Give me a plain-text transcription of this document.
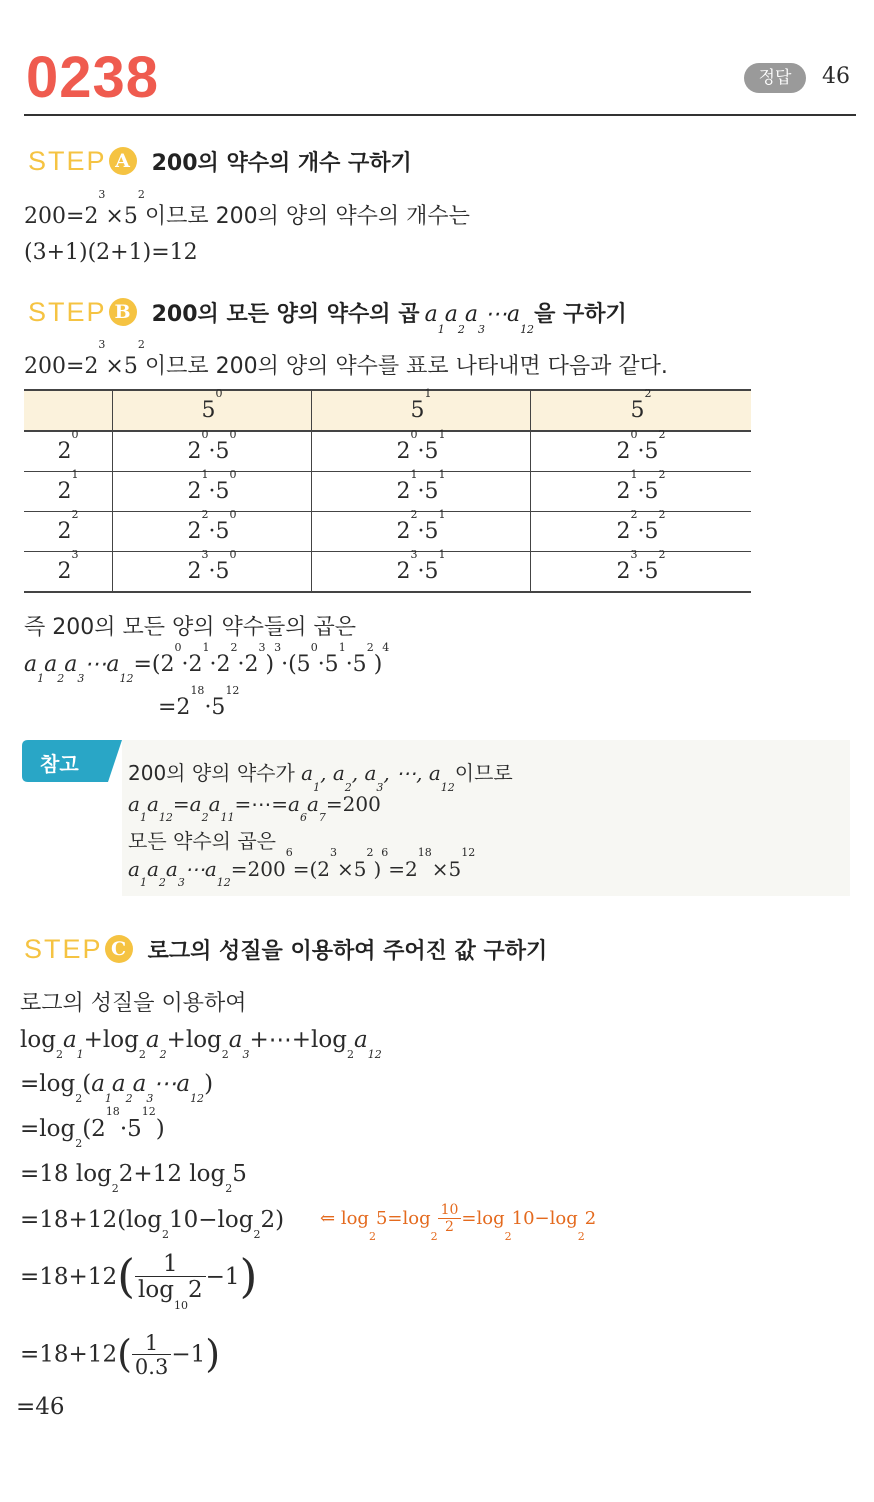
0238	정답	46
STEP A 200의 약수의 개수 구하기
$200=2^3\times 5^2$이므로 200의 양의 약수의 개수는
(3+1)(2+1)=12
STEP B 200의 모든 양의 약수의 곱 $a_1a_2a_3\cdots a_{12}$을 구하기
$200=2^3\times 5^2$이므로 200의 양의 약수를 표로 나타내면 다음과 같다.
	$5^0$	$5^1$	$5^2$
$2^0$	$2^0\cdot 5^0$	$2^0\cdot 5^1$	$2^0\cdot 5^2$
$2^1$	$2^1\cdot 5^0$	$2^1\cdot 5^1$	$2^1\cdot 5^2$
$2^2$	$2^2\cdot 5^0$	$2^2\cdot 5^1$	$2^2\cdot 5^2$
$2^3$	$2^3\cdot 5^0$	$2^3\cdot 5^1$	$2^3\cdot 5^2$
즉 200의 모든 양의 약수들의 곱은
$a_1a_2a_3\cdots a_{12}=(2^0\cdot 2^1\cdot 2^2\cdot 2^3)^3\cdot(5^0\cdot 5^1\cdot 5^2)^4$
$=2^{18}\cdot 5^{12}$
참고 200의 양의 약수가 $a_1$, $a_2$, $a_3$, ⋯, $a_{12}$이므로
$a_1a_{12}=a_2a_{11}=\cdots=a_6a_7=200$
모든 약수의 곱은
$a_1a_2a_3\cdots a_{12}=200^6=(2^3\times 5^2)^6=2^{18}\times 5^{12}$
STEP C 로그의 성질을 이용하여 주어진 값 구하기
로그의 성질을 이용하여
$\log_2a_1+\log_2a_2+\log_2a_3+\cdots+\log_2a_{12}$
$=\log_2(a_1a_2a_3\cdots a_{12})$
$=\log_2(2^{18}\cdot 5^{12})$
=18 $\log_22+12$ $\log_25$
$=18+12(\log_210-\log_22)$ ⇐ $\log_25=\log_2$
$\frac{10}{2} =\log_210-\log_22$
$=18+12( \frac{1}{\log_{10}2} -1)$
$=18+12( \frac{1}{0.3} -1)$
=46
